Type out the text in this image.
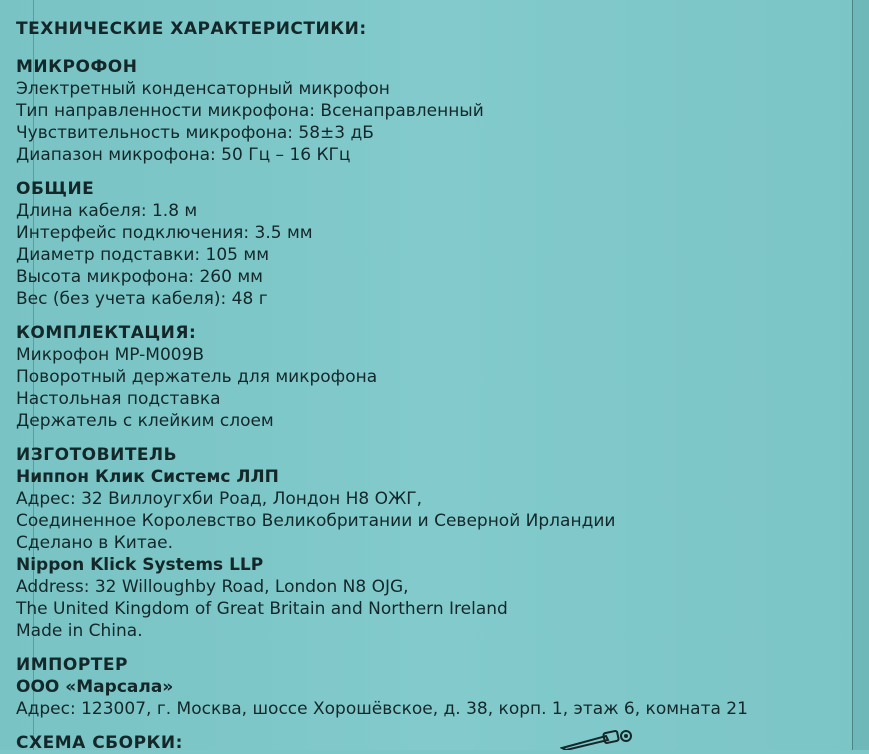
ТЕХНИЧЕСКИЕ ХАРАКТЕРИСТИКИ:

МИКРОФОН

Электретный конденсаторный микрофон

Тип направленности микрофона: Всенаправленный

Чувствительность микрофона: 58±3 дБ

Диапазон микрофона: 50 Гц – 16 КГц

ОБЩИЕ

Длина кабеля: 1.8 м

Интерфейс подключения: 3.5 мм

Диаметр подставки: 105 мм

Высота микрофона: 260 мм

Вес (без учета кабеля): 48 г

КОМПЛЕКТАЦИЯ:

Микрофон MP-M009B

Поворотный держатель для микрофона

Настольная подставка

Держатель с клейким слоем

ИЗГОТОВИТЕЛЬ

Ниппон Клик Системс ЛЛП

Адрес: 32 Виллоугхби Роад, Лондон Н8 ОЖГ,

Соединенное Королевство Великобритании и Северной Ирландии

Сделано в Китае.

Nippon Klick Systems LLP

Address: 32 Willoughby Road, London N8 OJG,

The United Kingdom of Great Britain and Northern Ireland

Made in China.

ИМПОРТЕР

ООО «Марсала»

Адрес: 123007, г. Москва, шоссе Хорошёвское, д. 38, корп. 1, этаж 6, комната 21

СХЕМА СБОРКИ:
